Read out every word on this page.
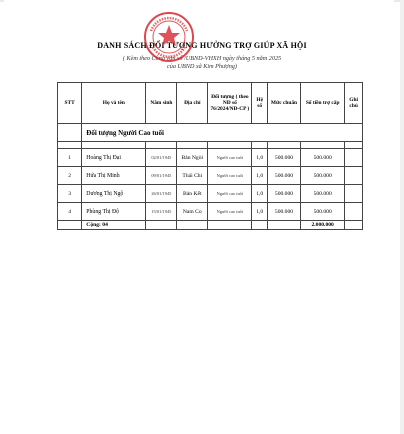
DANH SÁCH ĐỐI TƯỢNG HƯỞNG TRỢ GIÚP XÃ HỘI
( Kèm theo Công văn số /UBND-VHXH ngày tháng 5 năm 2025
của UBND xã Kim Phượng)
STT	Họ và tên	Năm sinh	Địa chỉ	Đối tượng ( theo NĐ số 76/2024/NĐ-CP )	Hệ số	Mức chuẩn	Số tiền trợ cấp	Ghi chú
	Đối tượng Người Cao tuổi							

1	Hoàng Thị Đại	02/01/1945	Bản Ngòi	Người cao tuổi	1,0	500.000	500.000	
2	Hứa Thị Minh	09/01/1945	Thái Chi	Người cao tuổi	1,0	500.000	500.000	
3	Dương Thị Ngộ	26/01/1945	Bản Kết	Người cao tuổi	1,0	500.000	500.000	
4	Phùng Thị Độ	15/01/1945	Nam Co	Người cao tuổi	1,0	500.000	500.000	
	Cộng: 04						2.000.000	
